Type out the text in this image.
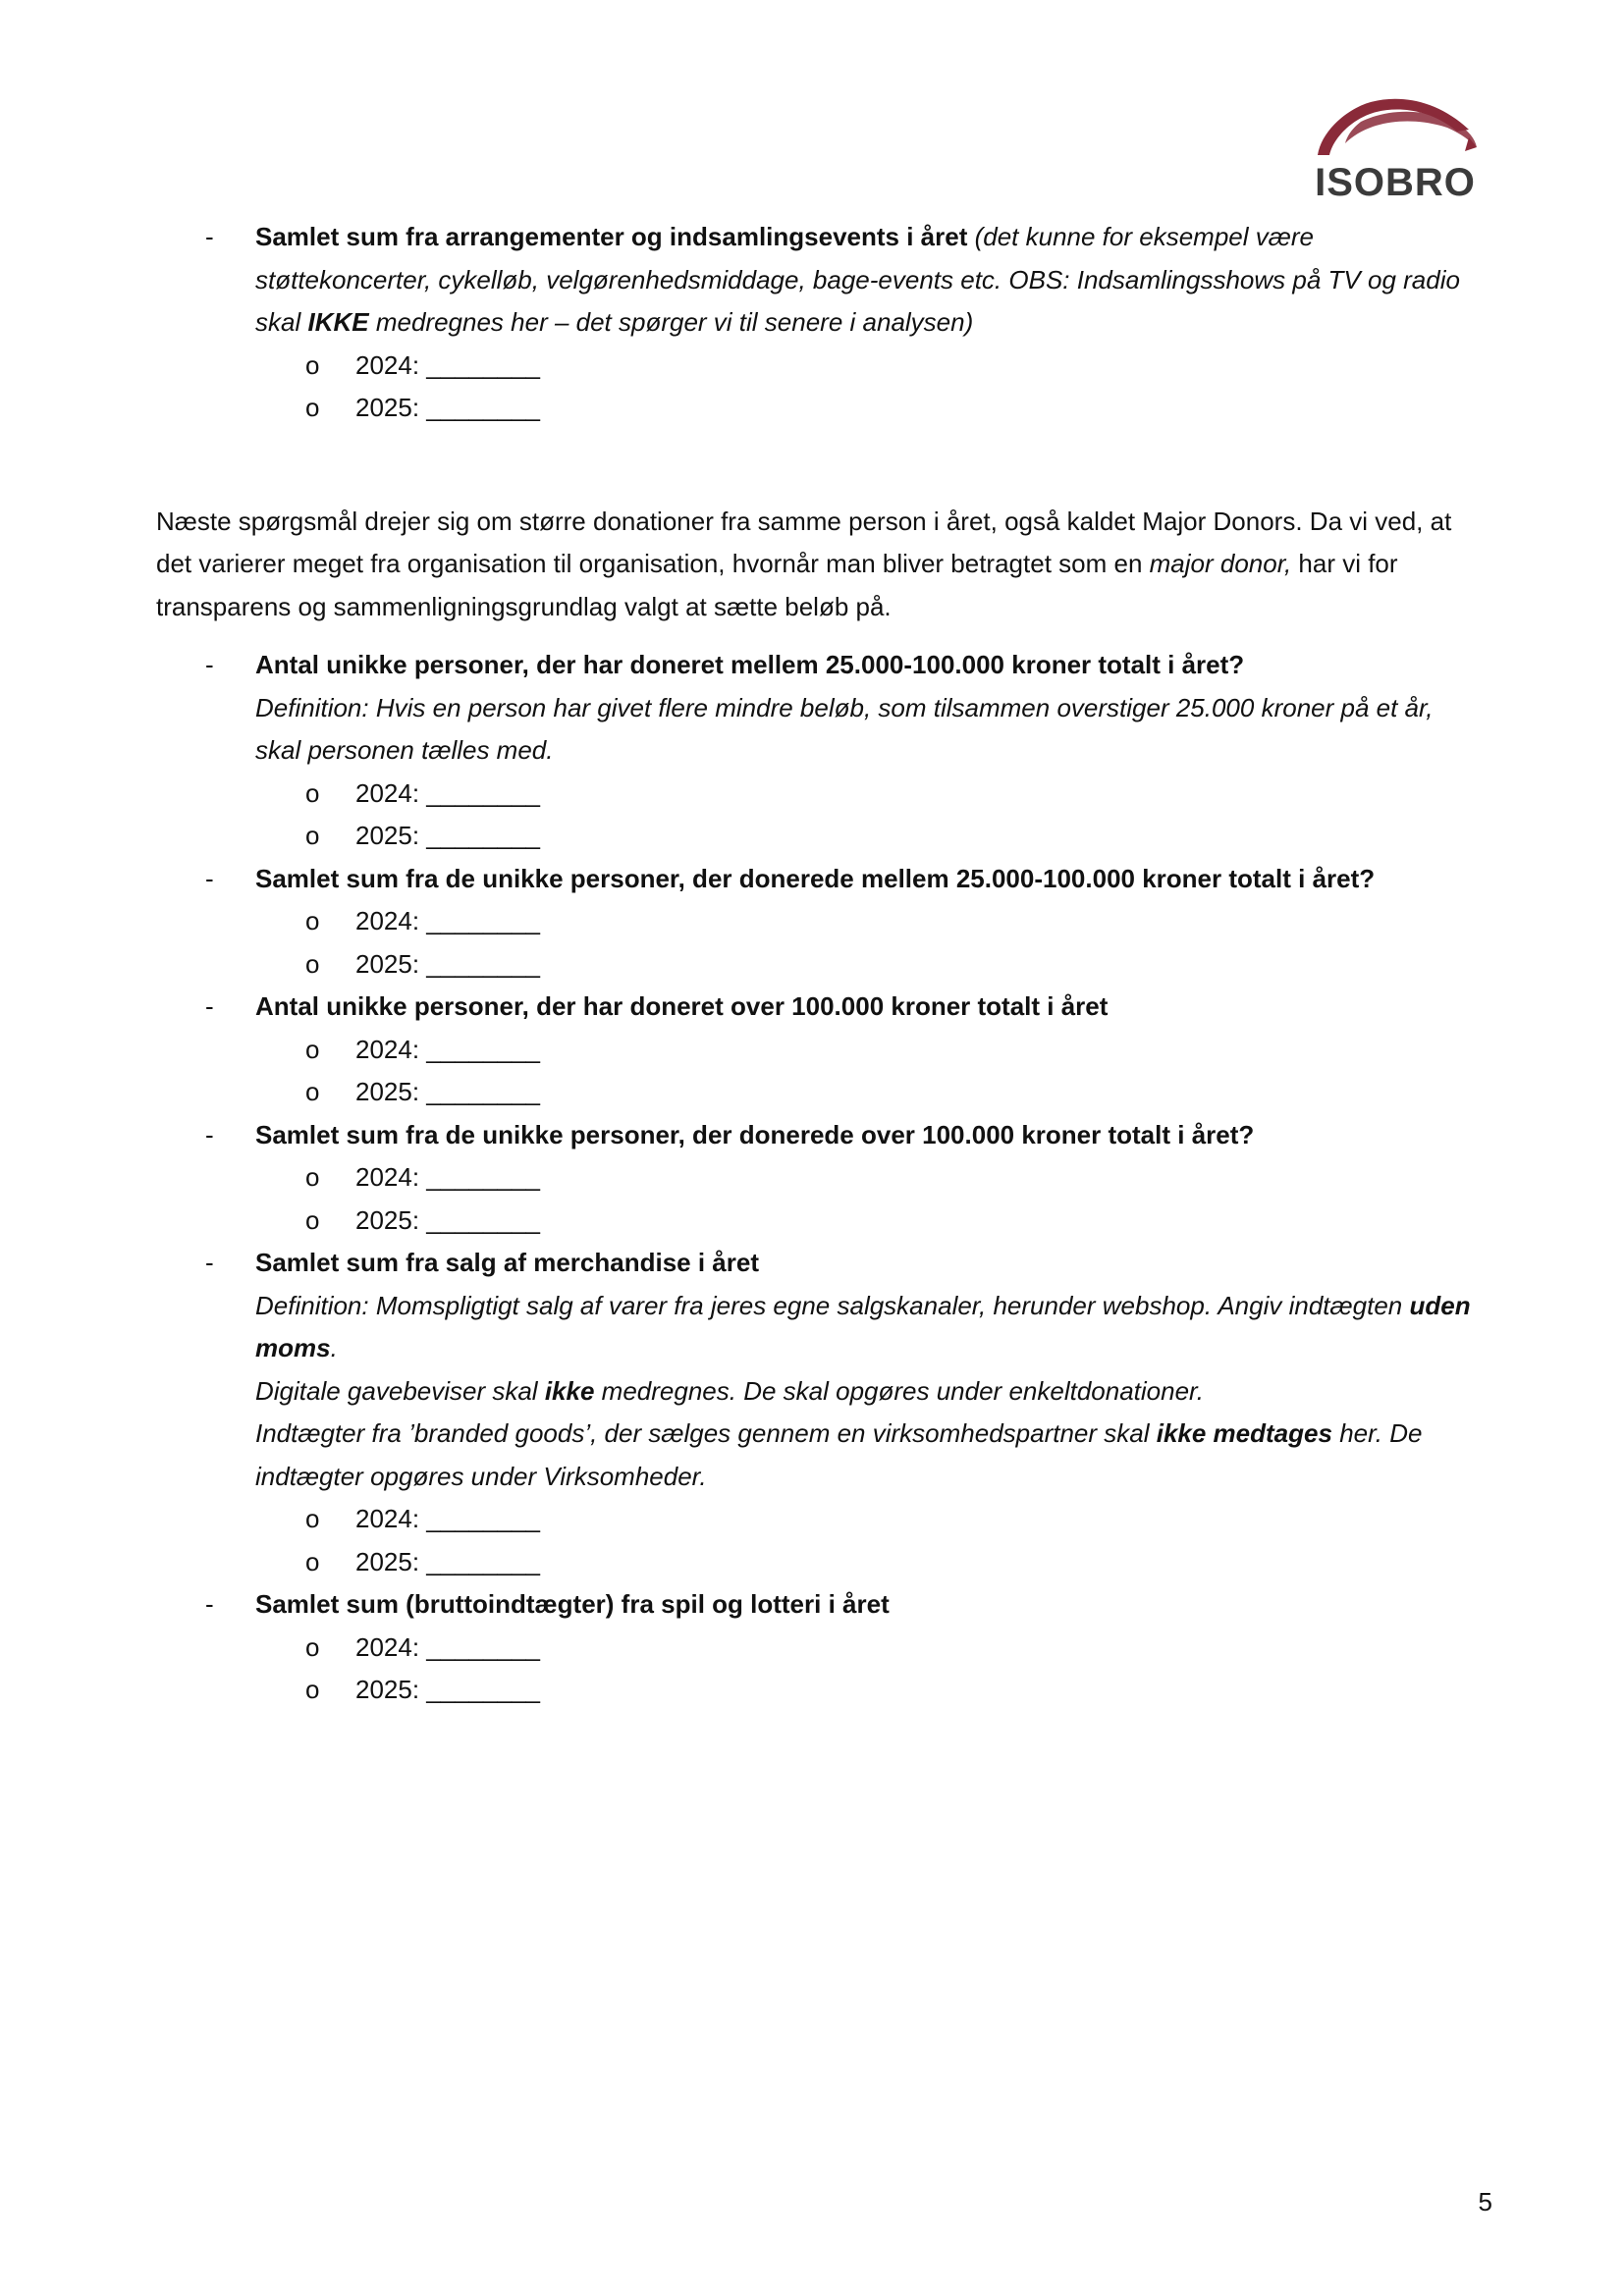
ISOBRO
- Samlet sum fra arrangementer og indsamlingsevents i året (det kunne for eksempel være støttekoncerter, cykelløb, velgørenhedsmiddage, bage-events etc. OBS: Indsamlingsshows på TV og radio skal IKKE medregnes her – det spørger vi til senere i analysen)

o 2024: ________
o 2025: ________

Næste spørgsmål drejer sig om større donationer fra samme person i året, også kaldet Major Donors. Da vi ved, at det varierer meget fra organisation til organisation, hvornår man bliver betragtet som en major donor, har vi for transparens og sammenligningsgrundlag valgt at sætte beløb på.

- Antal unikke personer, der har doneret mellem 25.000-100.000 kroner totalt i året?

Definition: Hvis en person har givet flere mindre beløb, som tilsammen overstiger 25.000 kroner på et år, skal personen tælles med.

o 2024: ________
o 2025: ________
- Samlet sum fra de unikke personer, der donerede mellem 25.000-100.000 kroner totalt i året?

o 2024: ________
o 2025: ________
- Antal unikke personer, der har doneret over 100.000 kroner totalt i året

o 2024: ________
o 2025: ________
- Samlet sum fra de unikke personer, der donerede over 100.000 kroner totalt i året?

o 2024: ________
o 2025: ________
- Samlet sum fra salg af merchandise i året

Definition: Momspligtigt salg af varer fra jeres egne salgskanaler, herunder webshop. Angiv indtægten uden moms.

Digitale gavebeviser skal ikke medregnes. De skal opgøres under enkeltdonationer.

Indtægter fra ’branded goods’, der sælges gennem en virksomhedspartner skal ikke medtages her. De indtægter opgøres under Virksomheder.

o 2024: ________
o 2025: ________
- Samlet sum (bruttoindtægter) fra spil og lotteri i året

o 2024: ________
o 2025: ________
5
